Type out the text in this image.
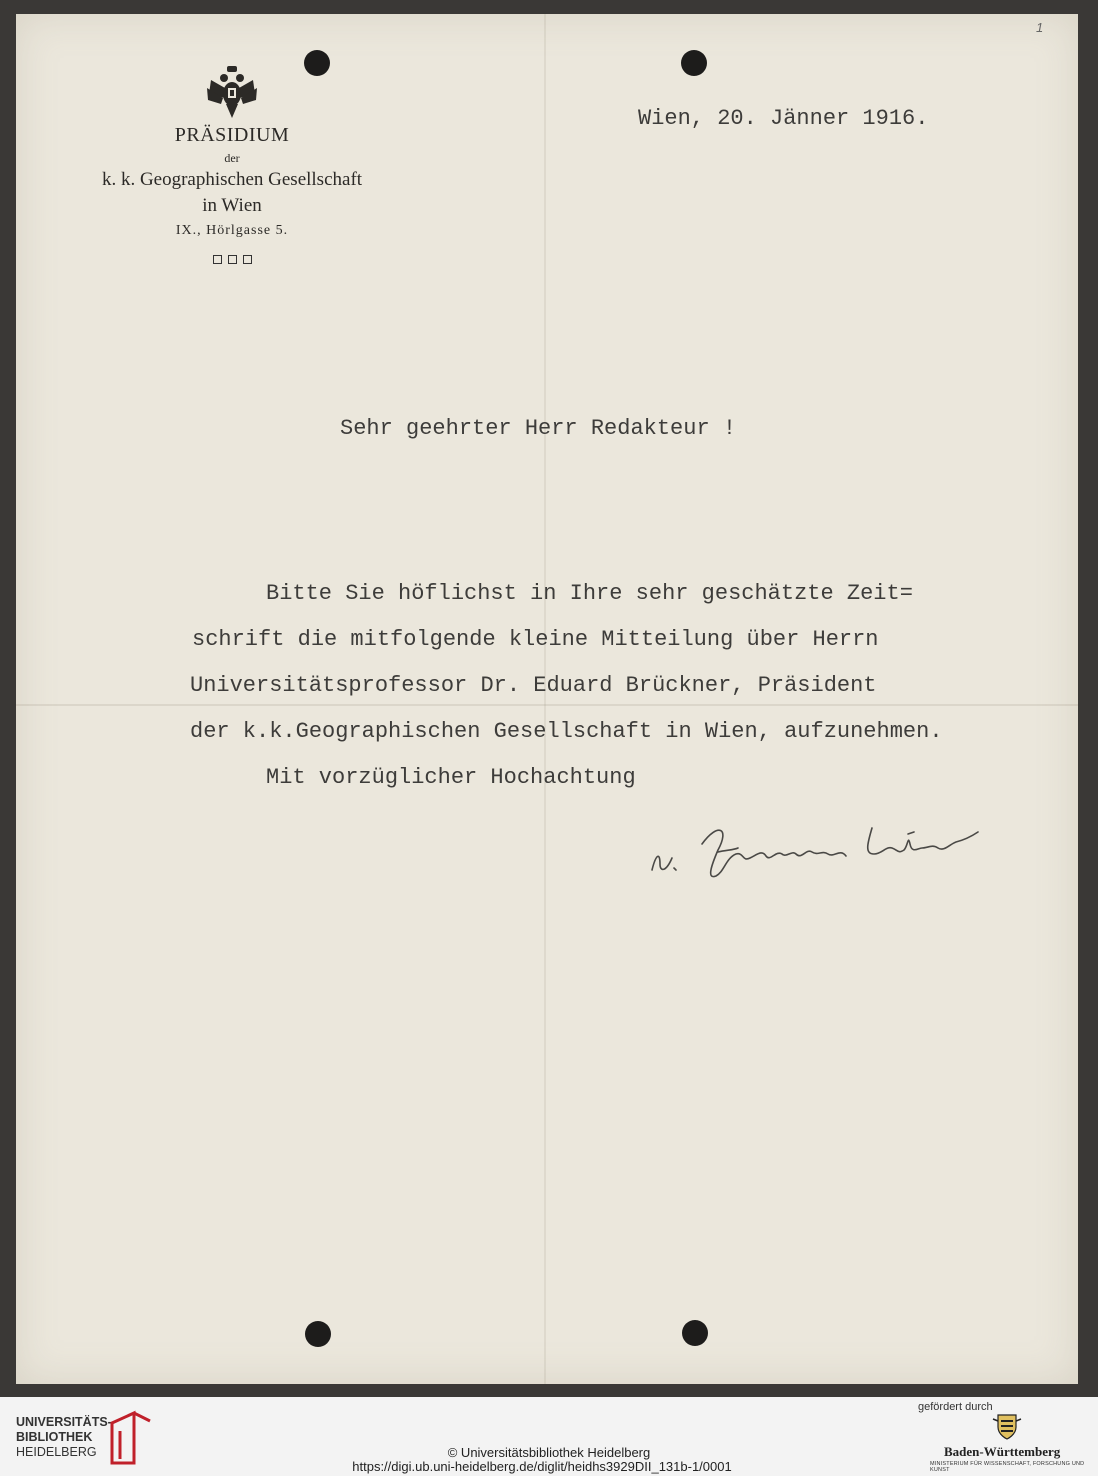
1
PRÄSIDIUM
der
k. k. Geographischen Gesellschaft
in Wien
IX., Hörlgasse 5.
Wien, 20. Jänner 1916.
Sehr geehrter Herr Redakteur !
Bitte Sie höflichst in Ihre sehr geschätzte Zeit=
schrift die mitfolgende kleine Mitteilung über Herrn
Universitätsprofessor Dr. Eduard Brückner, Präsident
der k.k.Geographischen Gesellschaft in Wien, aufzunehmen.
Mit vorzüglicher Hochachtung
UNIVERSITÄTS-
BIBLIOTHEK
HEIDELBERG	© Universitätsbibliothek Heidelberg
https://digi.ub.uni-heidelberg.de/diglit/heidhs3929DII_131b-1/0001
gefördert durch
Baden-Württemberg
MINISTERIUM FÜR WISSENSCHAFT, FORSCHUNG UND KUNST
